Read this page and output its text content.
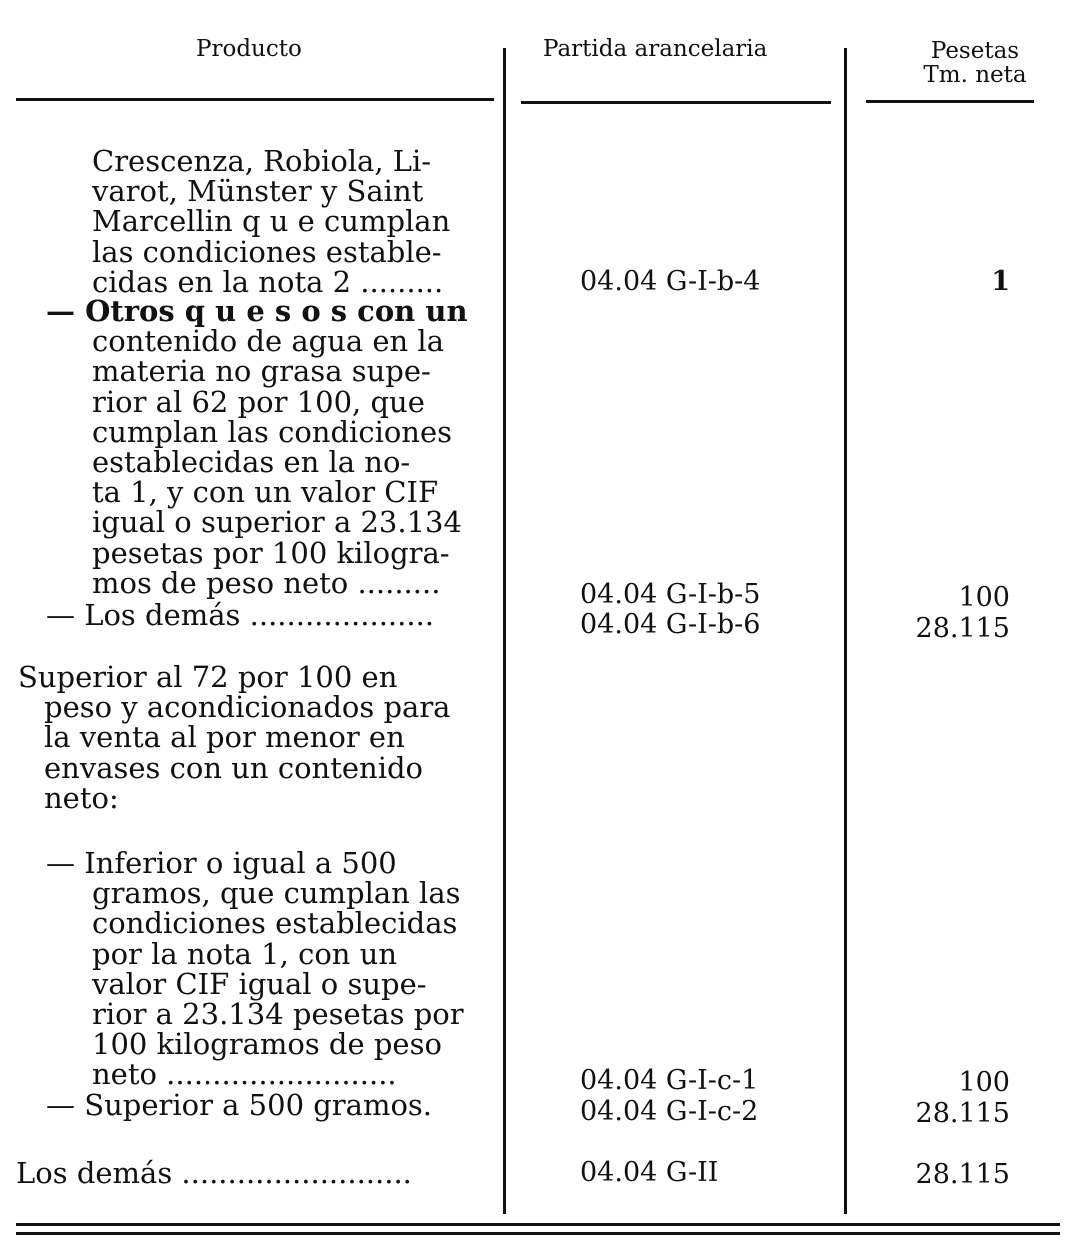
Producto	Partida arancelaria	Pesetas
Tm. neta
Crescenza, Robiola, Li-
varot, Münster y Saint
Marcellin q u e cumplan
las condiciones estable-
cidas en la nota 2 .........	04.04 G-I-b-4	1
— Otros q u e s o s con un
contenido de agua en la
materia no grasa supe-
rior al 62 por 100, que
cumplan las condiciones
establecidas en la no-
ta 1, y con un valor CIF
igual o superior a 23.134
pesetas por 100 kilogra-
mos de peso neto .........	04.04 G-I-b-5	100
— Los demás ....................	04.04 G-I-b-6	28.115
Superior al 72 por 100 en
peso y acondicionados para
la venta al por menor en
envases con un contenido
neto:
— Inferior o igual a 500
gramos, que cumplan las
condiciones establecidas
por la nota 1, con un
valor CIF igual o supe-
rior a 23.134 pesetas por
100 kilogramos de peso
neto .........................	04.04 G-I-c-1	100
— Superior a 500 gramos.	04.04 G-I-c-2	28.115
Los demás .........................	04.04 G-II	28.115
